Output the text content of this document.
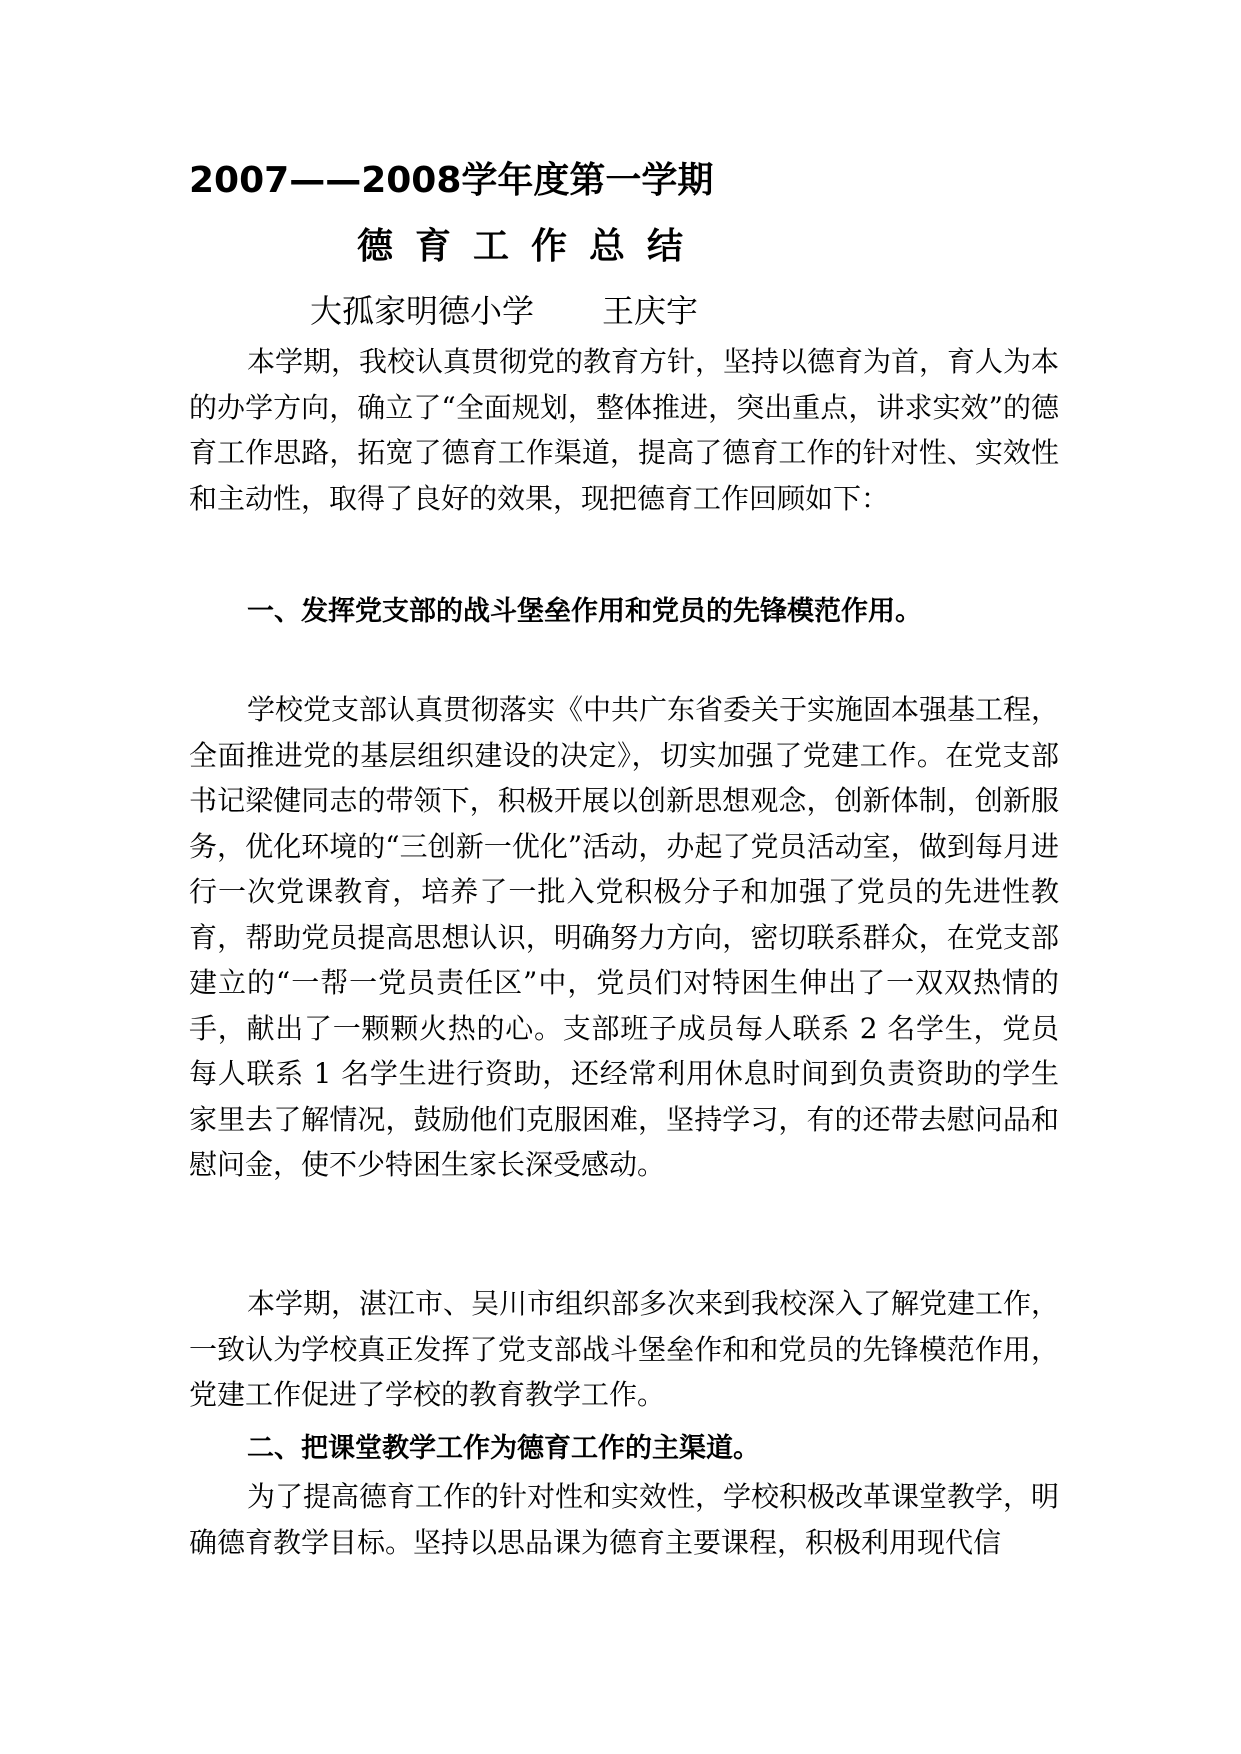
2007——2008学年度第一学期
德育工作总结
大孤家明德小学 王庆宇

本学期，我校认真贯彻党的教育方针，坚持以德育为首，育人为本的办学方向，确立了“全面规划，整体推进，突出重点，讲求实效”的德育工作思路，拓宽了德育工作渠道，提高了德育工作的针对性、实效性和主动性，取得了良好的效果，现把德育工作回顾如下：

一、发挥党支部的战斗堡垒作用和党员的先锋模范作用。

学校党支部认真贯彻落实《中共广东省委关于实施固本强基工程，全面推进党的基层组织建设的决定》，切实加强了党建工作。在党支部书记梁健同志的带领下，积极开展以创新思想观念，创新体制，创新服务，优化环境的“三创新一优化”活动，办起了党员活动室，做到每月进行一次党课教育，培养了一批入党积极分子和加强了党员的先进性教育，帮助党员提高思想认识，明确努力方向，密切联系群众，在党支部建立的“一帮一党员责任区”中，党员们对特困生伸出了一双双热情的手，献出了一颗颗火热的心。支部班子成员每人联系 2 名学生，党员每人联系 1 名学生进行资助，还经常利用休息时间到负责资助的学生家里去了解情况，鼓励他们克服困难，坚持学习，有的还带去慰问品和慰问金，使不少特困生家长深受感动。

本学期，湛江市、吴川市组织部多次来到我校深入了解党建工作，一致认为学校真正发挥了党支部战斗堡垒作和和党员的先锋模范作用，党建工作促进了学校的教育教学工作。

二、把课堂教学工作为德育工作的主渠道。

为了提高德育工作的针对性和实效性，学校积极改革课堂教学，明确德育教学目标。坚持以思品课为德育主要课程，积极利用现代信
